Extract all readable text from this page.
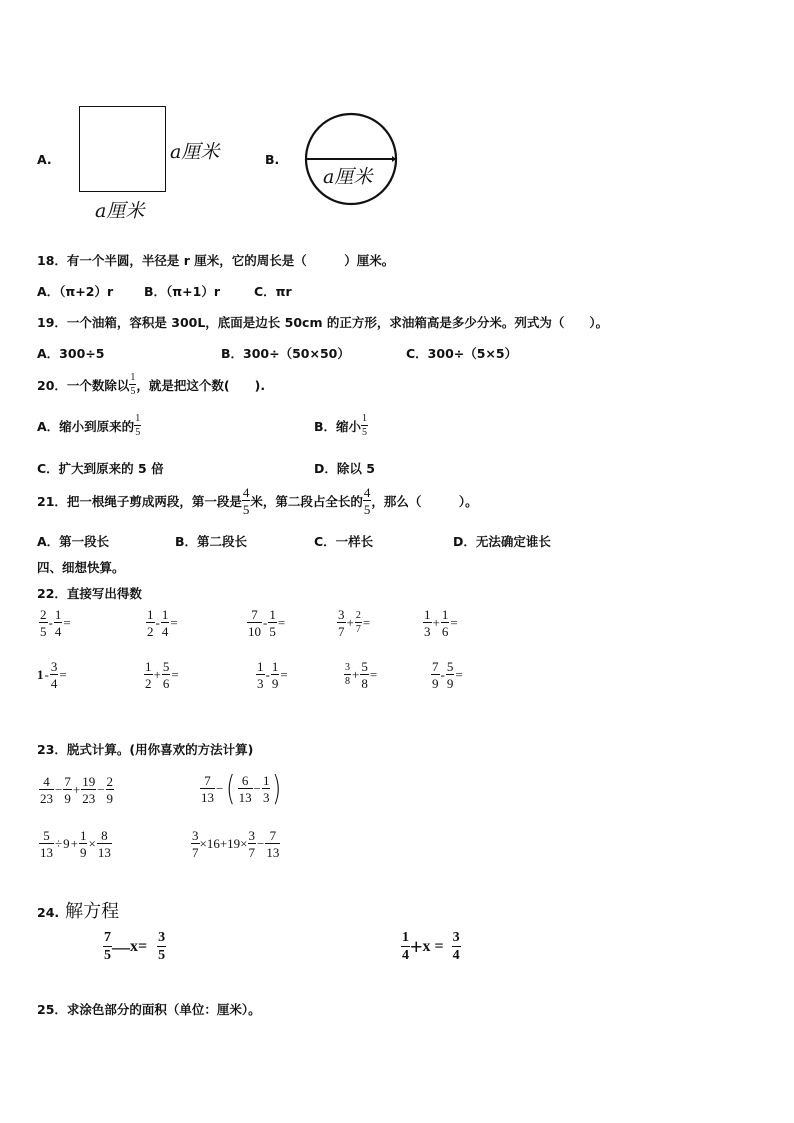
A.	a厘米
a厘米
B.
a厘米
18．有一个半圆，半径是 r 厘米，它的周长是（　　　）厘米。
A．（π+2）r B．（π+1）r	C．πr
19．一个油箱，容积是 300L，底面是边长 50cm 的正方形，求油箱高是多少分米。列式为（　　）。
A．300÷5	B．300÷（50×50）	C．300÷（5×5）
20．一个数除以 $\frac{1}{5}$ ，就是把这个数(　　).
A．缩小到原来的 $\frac{1}{5}$	B．缩小 $\frac{1}{5}$
C．扩大到原来的 5 倍	D．除以 5
21．把一根绳子剪成两段，第一段是 $\frac{4}{5}$ 米，第二段占全长的 $\frac{4}{5}$ ，那么（　　　）。
A．第一段长	B．第二段长	C．一样长	D．无法确定谁长
四、细想快算。
22．直接写出得数
$\frac{2}{5} - \frac{1}{4}$ =	$\frac{1}{2} - \frac{1}{4}$ =	$\frac{7}{10} - \frac{1}{5}$ =	$\frac{3}{7} + \frac{2}{7}$ =	$\frac{1}{3} + \frac{1}{6}$ =
$1 - \frac{3}{4}$ =	$\frac{1}{2} + \frac{5}{6}$ =	$\frac{1}{3} - \frac{1}{9}$ =	$\frac{3}{8} + \frac{5}{8}$ =	$\frac{7}{9} - \frac{5}{9}$ =
23．脱式计算。(用你喜欢的方法计算)
$\frac{4}{23} - \frac{7}{9} + \frac{19}{23} - \frac{2}{9}$	$\frac{7}{13}$ − ( $\frac{6}{13} - \frac{1}{3}$ )
$\frac{5}{13} \div 9 + \frac{1}{9} \times \frac{8}{13}$	$\frac{3}{7} \times 16+19\times \frac{3}{7} - \frac{7}{13}$
24. 解方程
$\frac{7}{5}$ — $x= \frac{3}{5}$	$\frac{1}{4} + x = \frac{3}{4}$
25．求涂色部分的面积（单位：厘米）。
